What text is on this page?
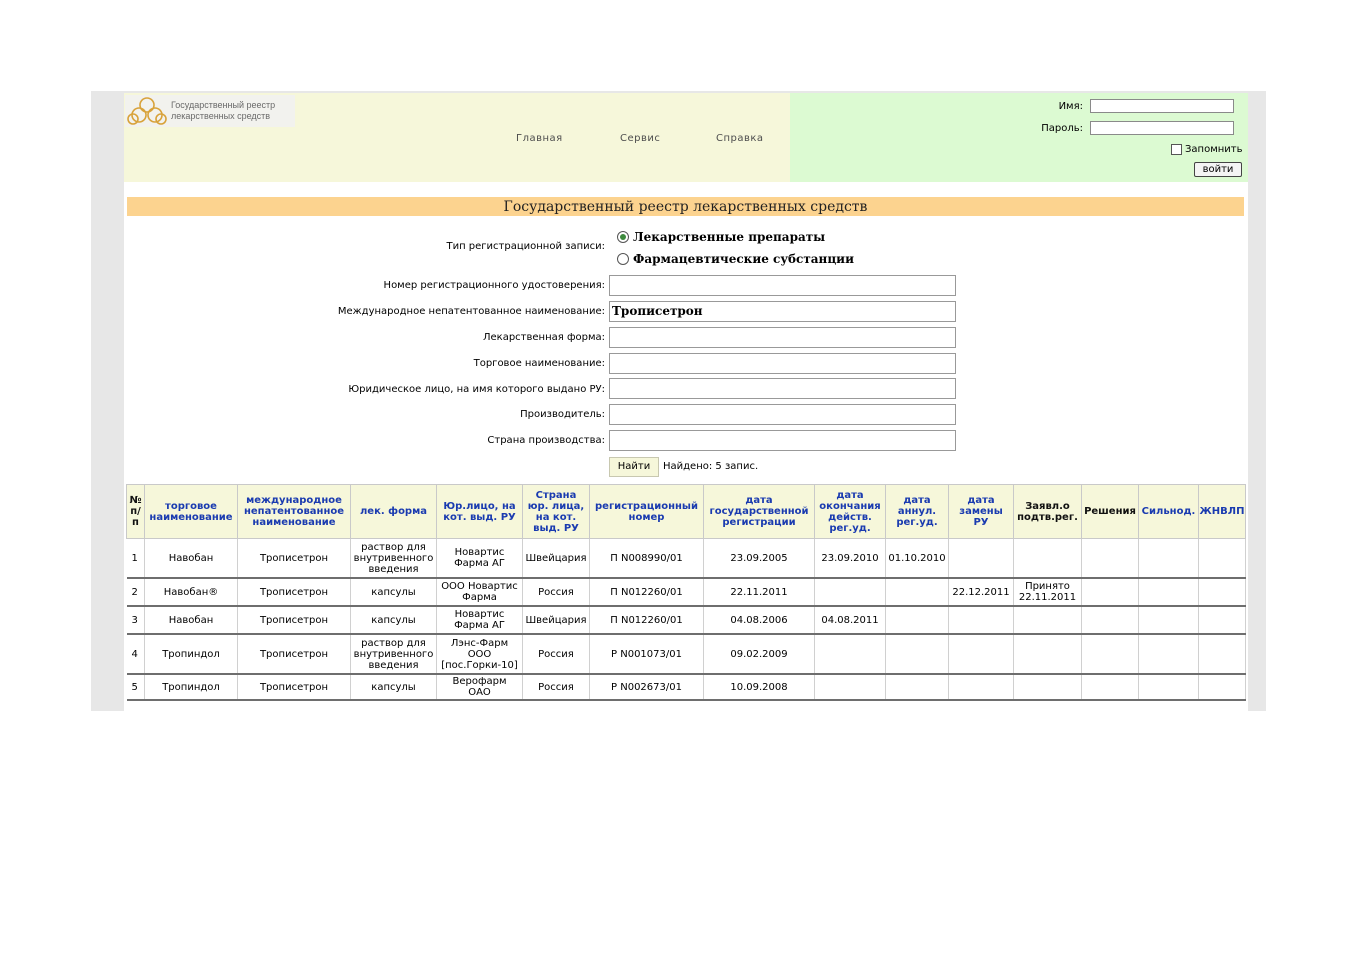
Государственный реестр
лекарственных средств
Главная	Сервис	Справка
Имя:
Пароль:
Запомнить
войти
Государственный реестр лекарственных средств
Тип регистрационной записи:
Лекарственные препараты
Фармацевтические субстанции
Номер регистрационного удостоверения:
Международное непатентованное наименование: Трописетрон
Лекарственная форма:
Торговое наименование:
Юридическое лицо, на имя которого выдано РУ:
Производитель:
Страна производства:
Найти	Найдено: 5 запис.
№
п/
п	торговое
наименование	международное
непатентованное
наименование	лек. форма	Юр.лицо, на
кот. выд. РУ	Страна
юр. лица,
на кот.
выд. РУ	регистрационный
номер	дата
государственной
регистрации	дата
окончания
действ.
рег.уд.	дата
аннул.
рег.уд.	дата
замены
РУ	Заявл.о
подтв.рег.	Решения	Сильнод.	ЖНВЛП
1	Навобан	Трописетрон	раствор для
внутривенного
введения	Новартис
Фарма АГ	Швейцария	П N008990/01	23.09.2005	23.09.2010	01.10.2010					
2	Навобан®	Трописетрон	капсулы	ООО Новартис
Фарма	Россия	П N012260/01	22.11.2011			22.12.2011	Принято
22.11.2011			
3	Навобан	Трописетрон	капсулы	Новартис
Фарма АГ	Швейцария	П N012260/01	04.08.2006	04.08.2011						
4	Тропиндол	Трописетрон	раствор для
внутривенного
введения	Лэнс-Фарм
ООО
[пос.Горки-10]	Россия	Р N001073/01	09.02.2009							
5	Тропиндол	Трописетрон	капсулы	Верофарм
ОАО	Россия	Р N002673/01	10.09.2008							
